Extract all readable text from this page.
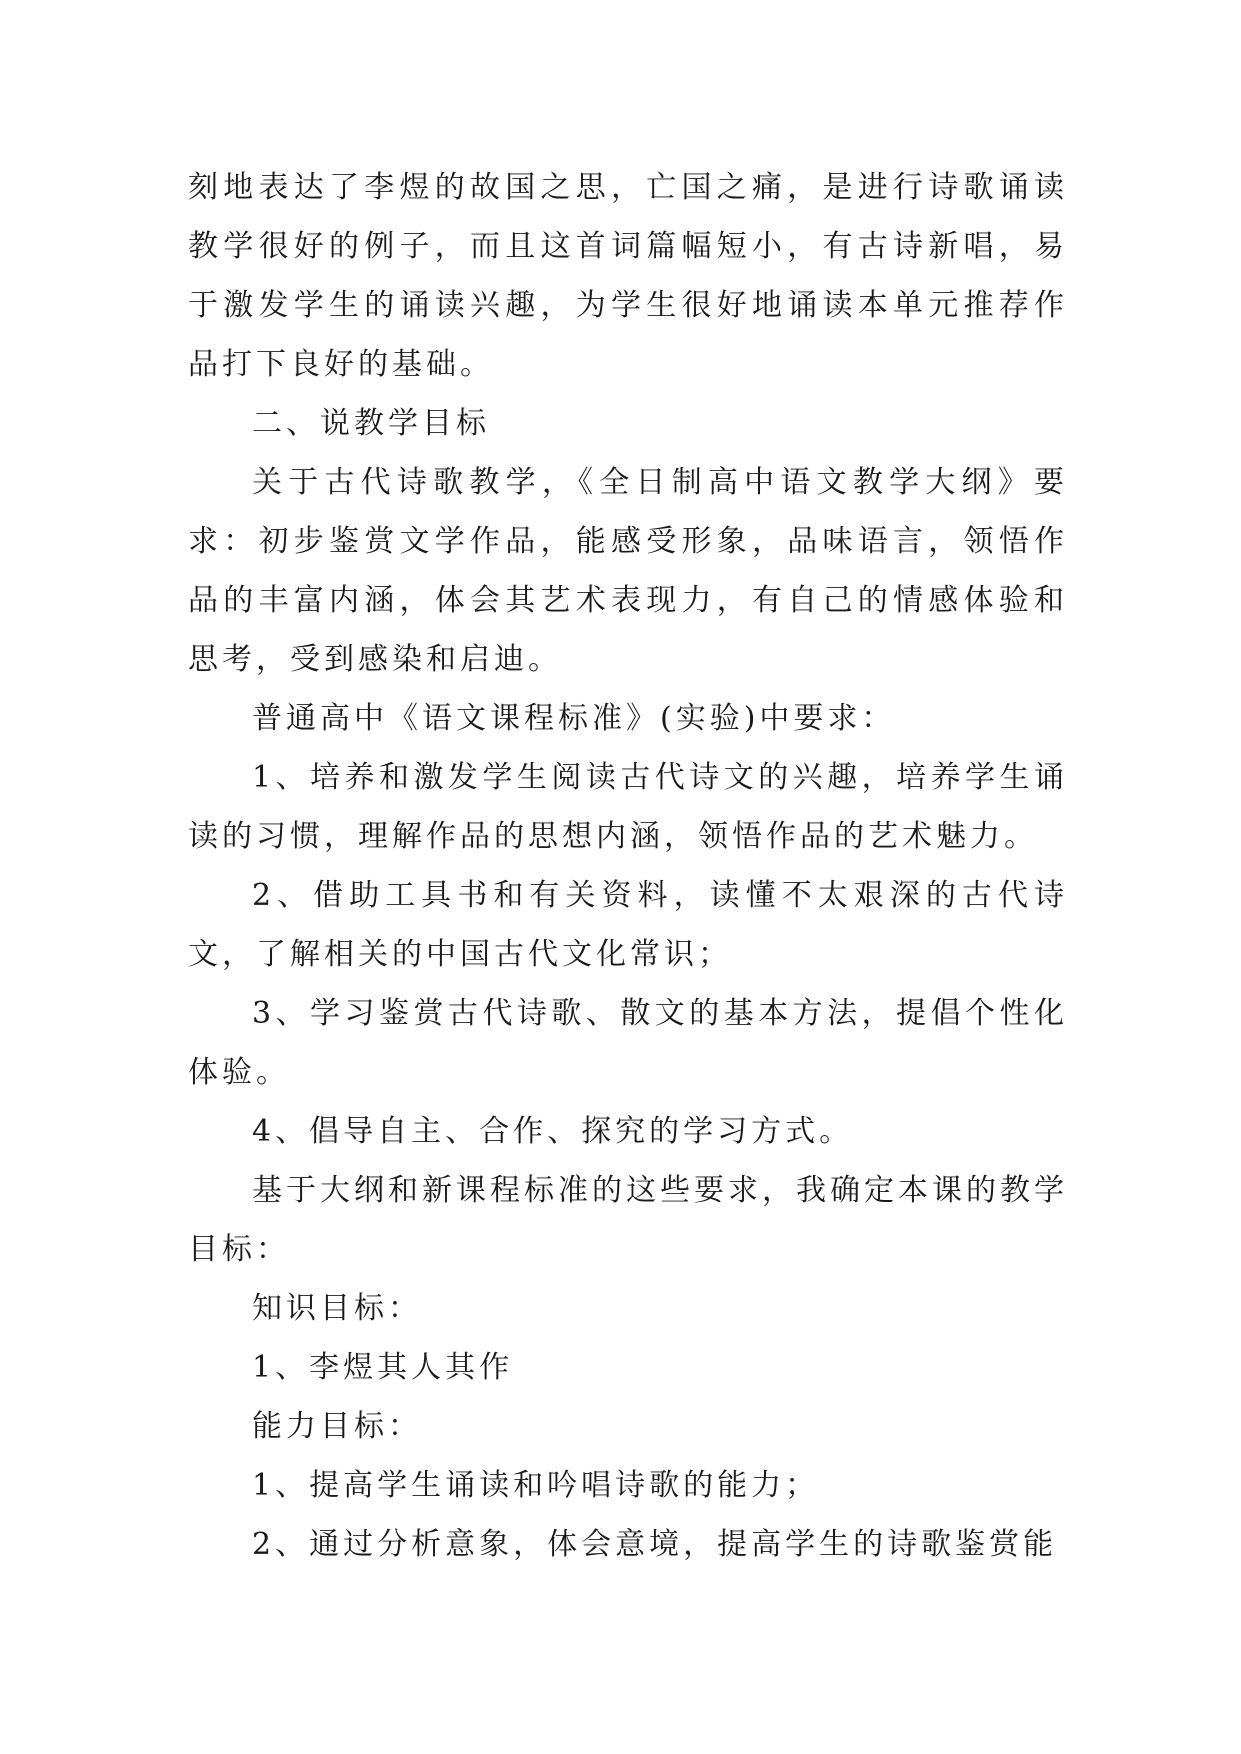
刻地表达了李煜的故国之思，亡国之痛，是进行诗歌诵读教学很好的例子，而且这首词篇幅短小，有古诗新唱，易于激发学生的诵读兴趣，为学生很好地诵读本单元推荐作品打下良好的基础。

二、说教学目标

关于古代诗歌教学，《全日制高中语文教学大纲》要求：初步鉴赏文学作品，能感受形象，品味语言，领悟作品的丰富内涵，体会其艺术表现力，有自己的情感体验和思考，受到感染和启迪。

普通高中《语文课程标准》(实验)中要求：

1、培养和激发学生阅读古代诗文的兴趣，培养学生诵读的习惯，理解作品的思想内涵，领悟作品的艺术魅力。

2、借助工具书和有关资料，读懂不太艰深的古代诗文，了解相关的中国古代文化常识；

3、学习鉴赏古代诗歌、散文的基本方法，提倡个性化体验。

4、倡导自主、合作、探究的学习方式。

基于大纲和新课程标准的这些要求，我确定本课的教学目标：

知识目标：

1、李煜其人其作

能力目标：

1、提高学生诵读和吟唱诗歌的能力；

2、通过分析意象，体会意境，提高学生的诗歌鉴赏能
